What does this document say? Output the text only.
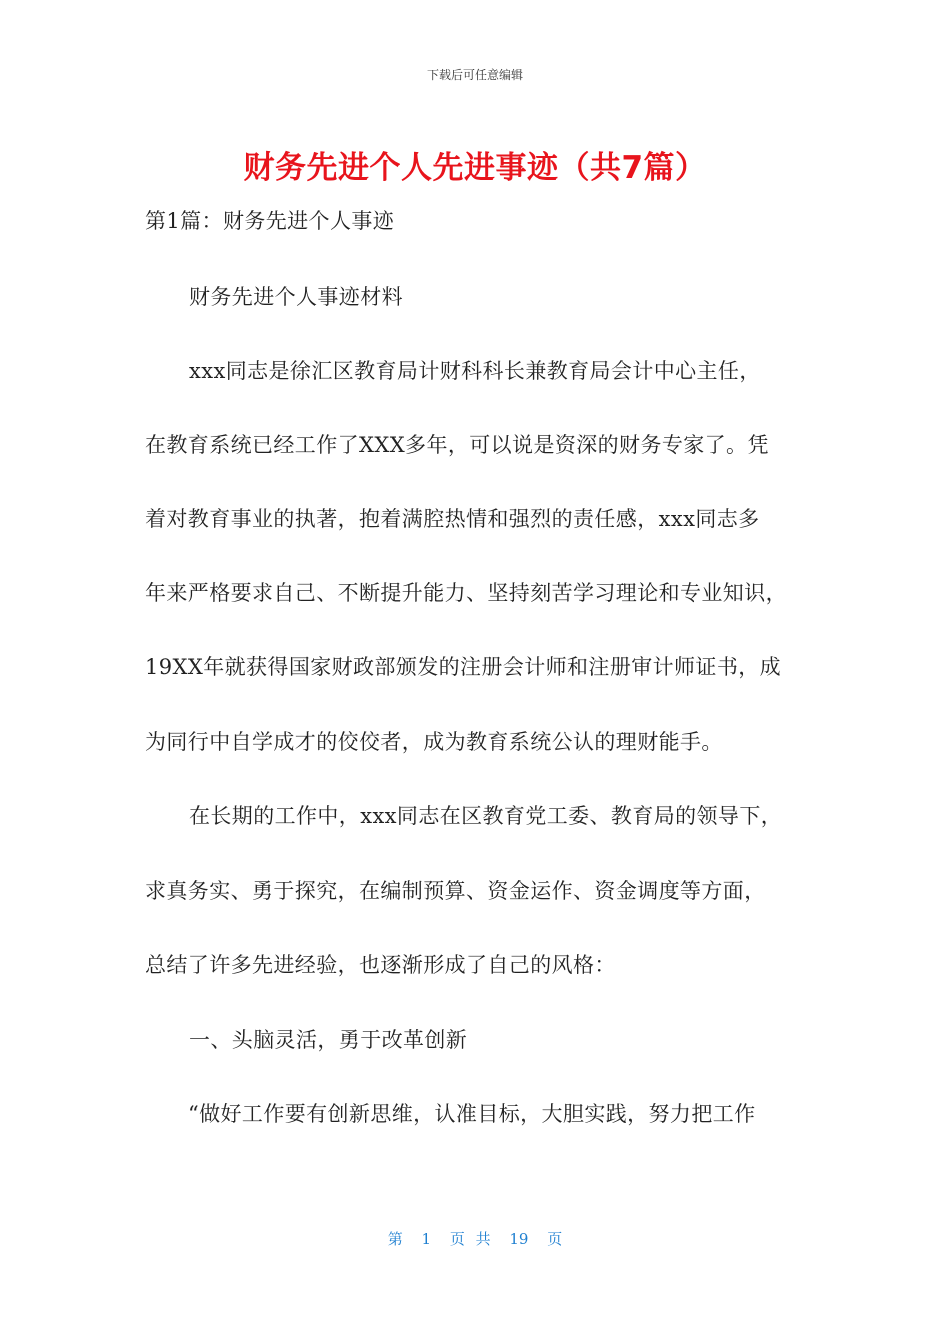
下载后可任意编辑
财务先进个人先进事迹（共7篇）
第1篇：财务先进个人事迹
财务先进个人事迹材料
xxx同志是徐汇区教育局计财科科长兼教育局会计中心主任，
在教育系统已经工作了XXX多年，可以说是资深的财务专家了。凭
着对教育事业的执著，抱着满腔热情和强烈的责任感，xxx同志多
年来严格要求自己、不断提升能力、坚持刻苦学习理论和专业知识，
19XX年就获得国家财政部颁发的注册会计师和注册审计师证书，成
为同行中自学成才的佼佼者，成为教育系统公认的理财能手。
在长期的工作中，xxx同志在区教育党工委、教育局的领导下，
求真务实、勇于探究，在编制预算、资金运作、资金调度等方面，
总结了许多先进经验，也逐渐形成了自己的风格：
一、头脑灵活，勇于改革创新
“做好工作要有创新思维，认准目标，大胆实践，努力把工作
第 1 页 共 19 页
